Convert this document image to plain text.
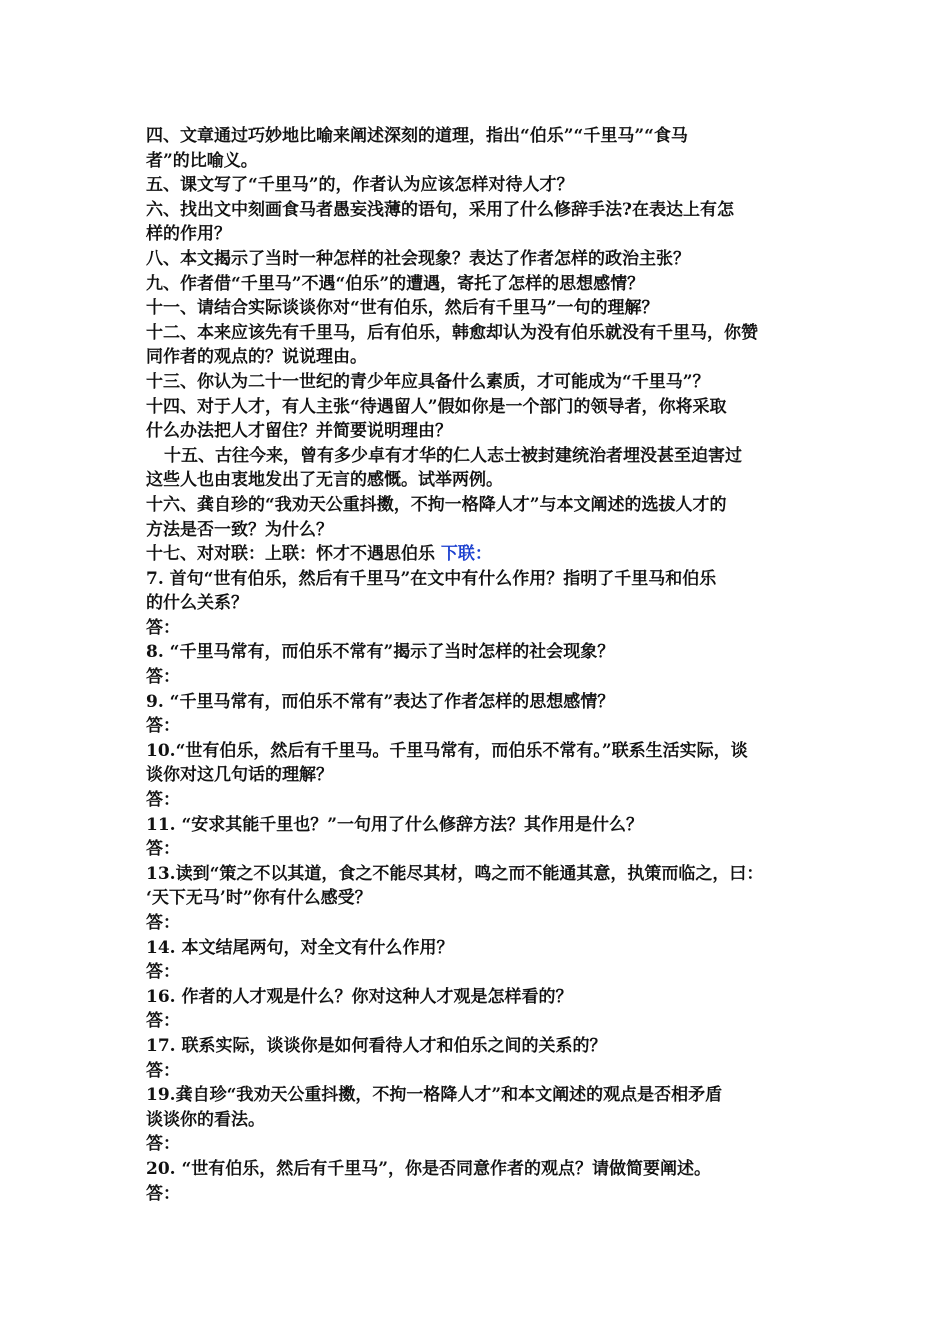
四、文章通过巧妙地比喻来阐述深刻的道理，指出“伯乐”“千里马”“食马
者”的比喻义。
五、课文写了“千里马”的，作者认为应该怎样对待人才？
六、找出文中刻画食马者愚妄浅薄的语句，采用了什么修辞手法?在表达上有怎
样的作用？
八、本文揭示了当时一种怎样的社会现象？表达了作者怎样的政治主张？
九、作者借“千里马”不遇“伯乐”的遭遇，寄托了怎样的思想感情？
十一、请结合实际谈谈你对“世有伯乐，然后有千里马”一句的理解？
十二、本来应该先有千里马，后有伯乐，韩愈却认为没有伯乐就没有千里马，你赞
同作者的观点的？说说理由。
十三、你认为二十一世纪的青少年应具备什么素质，才可能成为“千里马”？
十四、对于人才，有人主张“待遇留人”假如你是一个部门的领导者，你将采取
什么办法把人才留住？并简要说明理由？
十五、古往今来，曾有多少卓有才华的仁人志士被封建统治者埋没甚至迫害过
这些人也由衷地发出了无言的感慨。试举两例。
十六、龚自珍的“我劝天公重抖擞，不拘一格降人才”与本文阐述的选拔人才的
方法是否一致？为什么？
十七、对对联：上联：怀才不遇思伯乐 下联：
7. 首句“世有伯乐，然后有千里马”在文中有什么作用？指明了千里马和伯乐
的什么关系？
答：
8. “千里马常有，而伯乐不常有”揭示了当时怎样的社会现象？
答：
9. “千里马常有，而伯乐不常有”表达了作者怎样的思想感情？
答：
10.“世有伯乐，然后有千里马。千里马常有，而伯乐不常有。”联系生活实际，谈
谈你对这几句话的理解？
答：
11. “安求其能千里也？”一句用了什么修辞方法？其作用是什么？
答：
13.读到“策之不以其道，食之不能尽其材，鸣之而不能通其意，执策而临之，曰：
‘天下无马’时”你有什么感受？
答：
14. 本文结尾两句，对全文有什么作用？
答：
16. 作者的人才观是什么？你对这种人才观是怎样看的？
答：
17. 联系实际，谈谈你是如何看待人才和伯乐之间的关系的？
答：
19.龚自珍“我劝天公重抖擞，不拘一格降人才”和本文阐述的观点是否相矛盾
谈谈你的看法。
答：
20. “世有伯乐，然后有千里马”，你是否同意作者的观点？请做简要阐述。
答：
